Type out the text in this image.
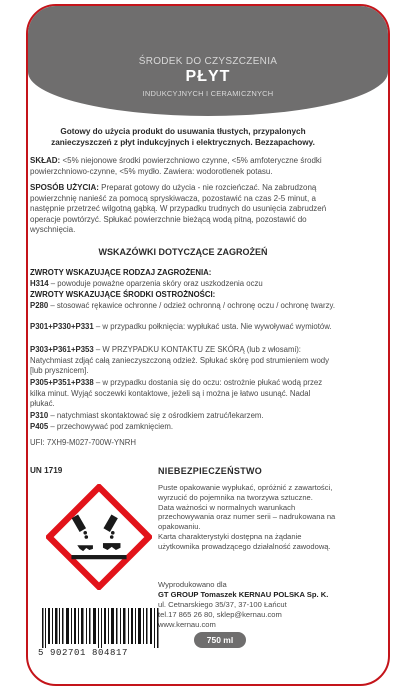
ŚRODEK DO CZYSZCZENIA
PŁYT
INDUKCYJNYCH I CERAMICZNYCH
Gotowy do użycia produkt do usuwania tłustych, przypalonych zanieczyszczeń z płyt indukcyjnych i elektrycznych. Bezzapachowy.
SKŁAD: <5% niejonowe środki powierzchniowo czynne, <5% amfoteryczne środki powierzchniowo-czynne, <5% mydło. Zawiera: wodorotlenek potasu.
SPOSÓB UŻYCIA: Preparat gotowy do użycia - nie rozcieńczać. Na zabrudzoną powierzchnię nanieść za pomocą spryskiwacza, pozostawić na czas 2-5 minut, a następnie przetrzeć wilgotną gąbką. W przypadku trudnych do usunięcia zabrudzeń operacje powtórzyć. Spłukać powierzchnie bieżącą wodą pitną, pozostawić do wyschnięcia.
WSKAZÓWKI DOTYCZĄCE ZAGROŻEŃ
ZWROTY WSKAZUJĄCE RODZAJ ZAGROŻENIA:
H314 – powoduje poważne oparzenia skóry oraz uszkodzenia oczu
ZWROTY WSKAZUJĄCE ŚRODKI OSTROŻNOŚCI:
P280 – stosować rękawice ochronne / odzież ochronną / ochronę oczu / ochronę twarzy.
P301+P330+P331 – w przypadku połknięcia: wypłukać usta. Nie wywoływać wymiotów.
P303+P361+P353 – W PRZYPADKU KONTAKTU ZE SKÓRĄ (lub z włosami): Natychmiast zdjąć całą zanieczyszczoną odzież. Spłukać skórę pod strumieniem wody [lub prysznicem].
P305+P351+P338 – w przypadku dostania się do oczu: ostrożnie płukać wodą przez kilka minut. Wyjąć soczewki kontaktowe, jeżeli są i można je łatwo usunąć. Nadal płukać.
P310 – natychmiast skontaktować się z ośrodkiem zatruć/lekarzem.
P405 – przechowywać pod zamknięciem.
UFI: 7XH9-M027-700W-YNRH
UN 1719	NIEBEZPIECZEŃSTWO
Puste opakowanie wypłukać, opróżnić z zawartości, wyrzucić do pojemnika na tworzywa sztuczne.
Data ważności w normalnych warunkach przechowywania oraz numer serii – nadrukowana na opakowaniu.
Karta charakterystyki dostępna na żądanie użytkownika prowadzącego działalność zawodową.
Wyprodukowano dla
GT GROUP Tomaszek KERNAU POLSKA Sp. K.
ul. Cetnarskiego 35/37, 37-100 Łańcut
tel.17 865 26 80, sklep@kernau.com
www.kernau.com
5 902701 804817
750 ml
